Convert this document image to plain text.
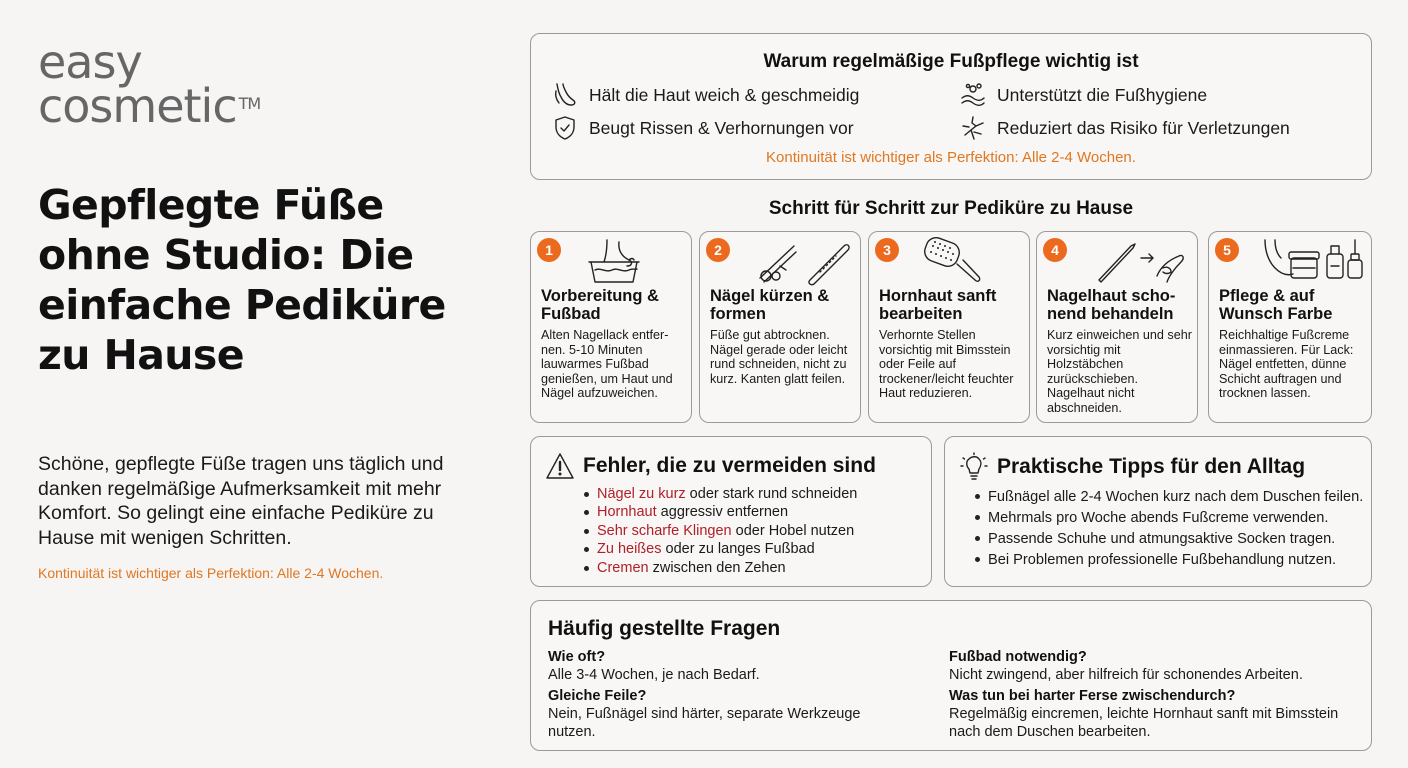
easy
cosmetic ™
Gepflegte Füße ohne Studio: Die einfache Pediküre zu Hause

Schöne, gepflegte Füße tragen uns täglich und danken regelmäßige Aufmerksamkeit mit mehr Komfort. So gelingt eine einfache Pediküre zu Hause mit wenigen Schritten.

Kontinuität ist wichtiger als Perfektion: Alle 2-4 Wochen.

Warum regelmäßige Fußpflege wichtig ist
Hält die Haut weich & geschmeidig	Unterstützt die Fußhygiene
Beugt Rissen & Verhornungen vor	Reduziert das Risiko für Verletzungen

Kontinuität ist wichtiger als Perfektion: Alle 2-4 Wochen.

Schritt für Schritt zur Pediküre zu Hause
1
Vorbereitung & Fußbad

Alten Nagellack entfer-nen. 5-10 Minuten lauwarmes Fußbad genießen, um Haut und Nägel aufzuweichen.

2
Nägel kürzen & formen

Füße gut abtrocknen. Nägel gerade oder leicht rund schneiden, nicht zu kurz. Kanten glatt feilen.

3
Hornhaut sanft bearbeiten

Verhornte Stellen vorsichtig mit Bimsstein oder Feile auf trockener/leicht feuchter Haut reduzieren.

4
Nagelhaut scho-nend behandeln

Kurz einweichen und sehr vorsichtig mit Holzstäbchen zurückschieben. Nagelhaut nicht abschneiden.

5
Pflege & auf Wunsch Farbe

Reichhaltige Fußcreme einmassieren. Für Lack: Nägel entfetten, dünne Schicht auftragen und trocknen lassen.

Fehler, die zu vermeiden sind
Nägel zu kurz oder stark rund schneiden
Hornhaut aggressiv entfernen
Sehr scharfe Klingen oder Hobel nutzen
Zu heißes oder zu langes Fußbad
Cremen zwischen den Zehen
Praktische Tipps für den Alltag
Fußnägel alle 2-4 Wochen kurz nach dem Duschen feilen.
Mehrmals pro Woche abends Fußcreme verwenden.
Passende Schuhe und atmungsaktive Socken tragen.
Bei Problemen professionelle Fußbehandlung nutzen.
Häufig gestellte Fragen
Wie oft?
Alle 3-4 Wochen, je nach Bedarf.
Gleiche Feile?
Nein, Fußnägel sind härter, separate Werkzeuge nutzen.
Fußbad notwendig?
Nicht zwingend, aber hilfreich für schonendes Arbeiten.
Was tun bei harter Ferse zwischendurch?
Regelmäßig eincremen, leichte Hornhaut sanft mit Bimsstein nach dem Duschen bearbeiten.
